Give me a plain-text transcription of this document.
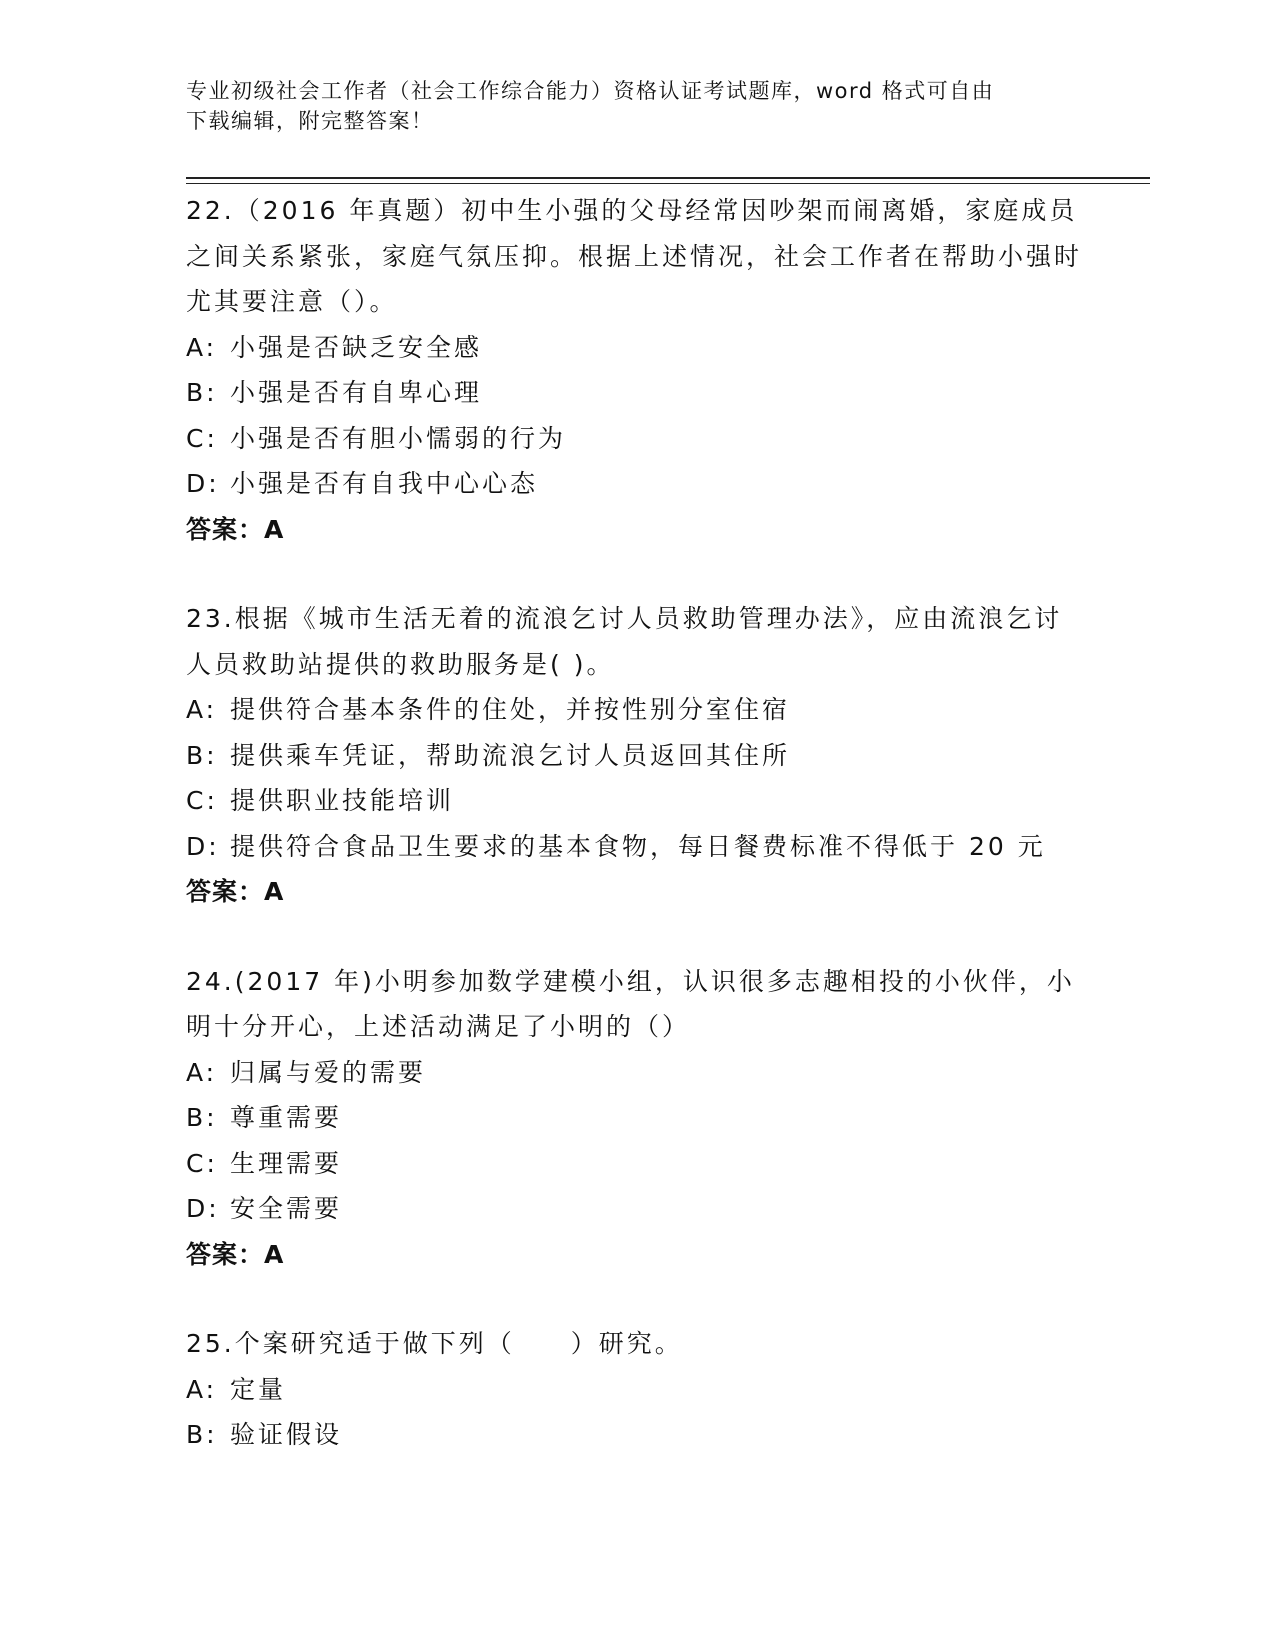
专业初级社会工作者（社会工作综合能力）资格认证考试题库，word 格式可自由
下载编辑，附完整答案！
22.（2016 年真题）初中生小强的父母经常因吵架而闹离婚，家庭成员之间关系紧张，家庭气氛压抑。根据上述情况，社会工作者在帮助小强时尤其要注意（）。
A: 小强是否缺乏安全感
B: 小强是否有自卑心理
C: 小强是否有胆小懦弱的行为
D: 小强是否有自我中心心态
答案：A
23.根据《城市生活无着的流浪乞讨人员救助管理办法》，应由流浪乞讨人员救助站提供的救助服务是( )。
A: 提供符合基本条件的住处，并按性别分室住宿
B: 提供乘车凭证，帮助流浪乞讨人员返回其住所
C: 提供职业技能培训
D: 提供符合食品卫生要求的基本食物，每日餐费标准不得低于 20 元
答案：A
24.(2017 年)小明参加数学建模小组，认识很多志趣相投的小伙伴，小明十分开心，上述活动满足了小明的（）
A: 归属与爱的需要
B: 尊重需要
C: 生理需要
D: 安全需要
答案：A
25.个案研究适于做下列（　　）研究。
A: 定量
B: 验证假设
